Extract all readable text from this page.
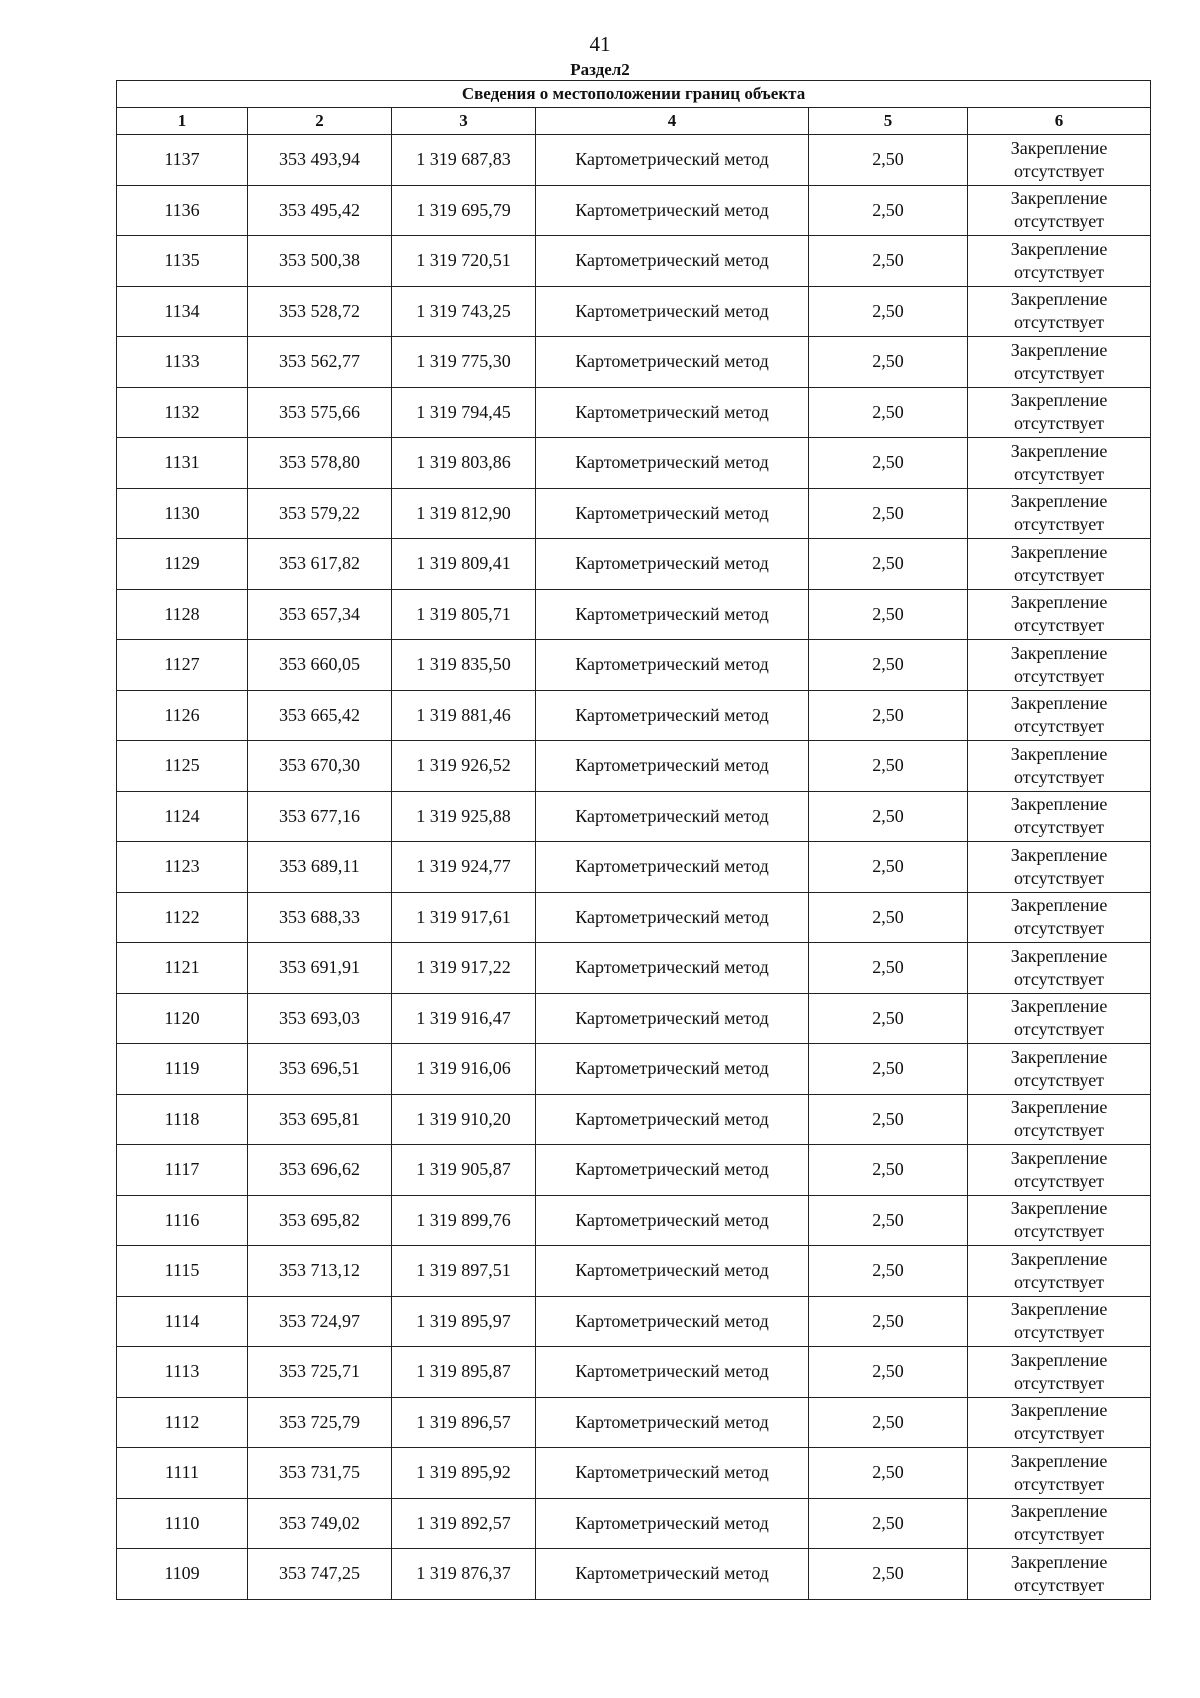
41
Раздел2
Сведения о местоположении границ объекта					
1	2	3	4	5	6
1137	353 493,94	1 319 687,83	Картометрический метод	2,50	Закрепление
отсутствует

1136	353 495,42	1 319 695,79	Картометрический метод	2,50	Закрепление
отсутствует

1135	353 500,38	1 319 720,51	Картометрический метод	2,50	Закрепление
отсутствует

1134	353 528,72	1 319 743,25	Картометрический метод	2,50	Закрепление
отсутствует

1133	353 562,77	1 319 775,30	Картометрический метод	2,50	Закрепление
отсутствует

1132	353 575,66	1 319 794,45	Картометрический метод	2,50	Закрепление
отсутствует

1131	353 578,80	1 319 803,86	Картометрический метод	2,50	Закрепление
отсутствует

1130	353 579,22	1 319 812,90	Картометрический метод	2,50	Закрепление
отсутствует

1129	353 617,82	1 319 809,41	Картометрический метод	2,50	Закрепление
отсутствует

1128	353 657,34	1 319 805,71	Картометрический метод	2,50	Закрепление
отсутствует

1127	353 660,05	1 319 835,50	Картометрический метод	2,50	Закрепление
отсутствует

1126	353 665,42	1 319 881,46	Картометрический метод	2,50	Закрепление
отсутствует

1125	353 670,30	1 319 926,52	Картометрический метод	2,50	Закрепление
отсутствует

1124	353 677,16	1 319 925,88	Картометрический метод	2,50	Закрепление
отсутствует

1123	353 689,11	1 319 924,77	Картометрический метод	2,50	Закрепление
отсутствует

1122	353 688,33	1 319 917,61	Картометрический метод	2,50	Закрепление
отсутствует

1121	353 691,91	1 319 917,22	Картометрический метод	2,50	Закрепление
отсутствует

1120	353 693,03	1 319 916,47	Картометрический метод	2,50	Закрепление
отсутствует

1119	353 696,51	1 319 916,06	Картометрический метод	2,50	Закрепление
отсутствует

1118	353 695,81	1 319 910,20	Картометрический метод	2,50	Закрепление
отсутствует

1117	353 696,62	1 319 905,87	Картометрический метод	2,50	Закрепление
отсутствует

1116	353 695,82	1 319 899,76	Картометрический метод	2,50	Закрепление
отсутствует

1115	353 713,12	1 319 897,51	Картометрический метод	2,50	Закрепление
отсутствует

1114	353 724,97	1 319 895,97	Картометрический метод	2,50	Закрепление
отсутствует

1113	353 725,71	1 319 895,87	Картометрический метод	2,50	Закрепление
отсутствует

1112	353 725,79	1 319 896,57	Картометрический метод	2,50	Закрепление
отсутствует

1111	353 731,75	1 319 895,92	Картометрический метод	2,50	Закрепление
отсутствует

1110	353 749,02	1 319 892,57	Картометрический метод	2,50	Закрепление
отсутствует

1109	353 747,25	1 319 876,37	Картометрический метод	2,50	Закрепление
отсутствует
